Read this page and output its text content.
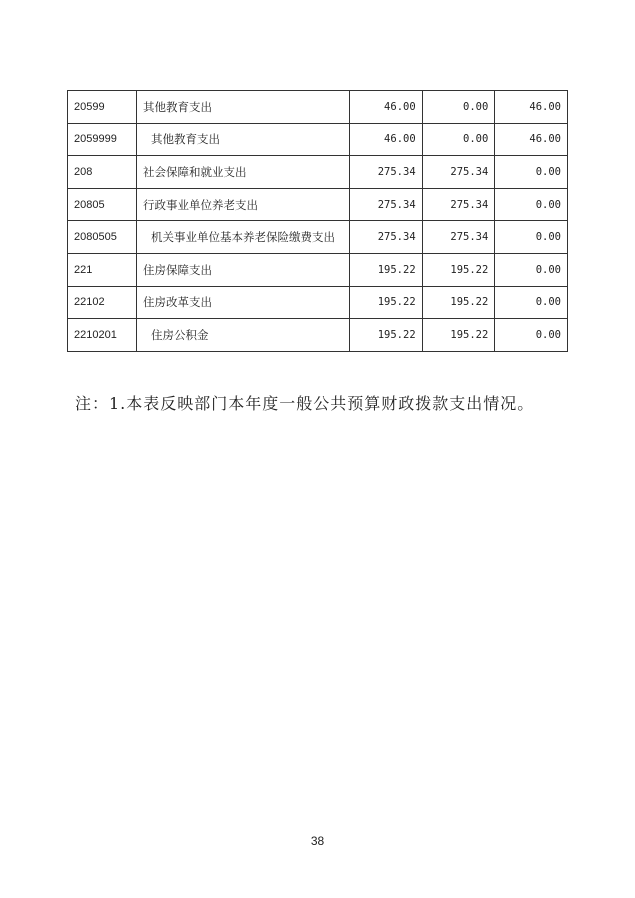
20599	其他教育支出	46.00	0.00	46.00
2059999	其他教育支出	46.00	0.00	46.00
208	社会保障和就业支出	275.34	275.34	0.00
20805	行政事业单位养老支出	275.34	275.34	0.00
2080505	机关事业单位基本养老保险缴费支出	275.34	275.34	0.00
221	住房保障支出	195.22	195.22	0.00
22102	住房改革支出	195.22	195.22	0.00
2210201	住房公积金	195.22	195.22	0.00
注：1.本表反映部门本年度一般公共预算财政拨款支出情况。
38
